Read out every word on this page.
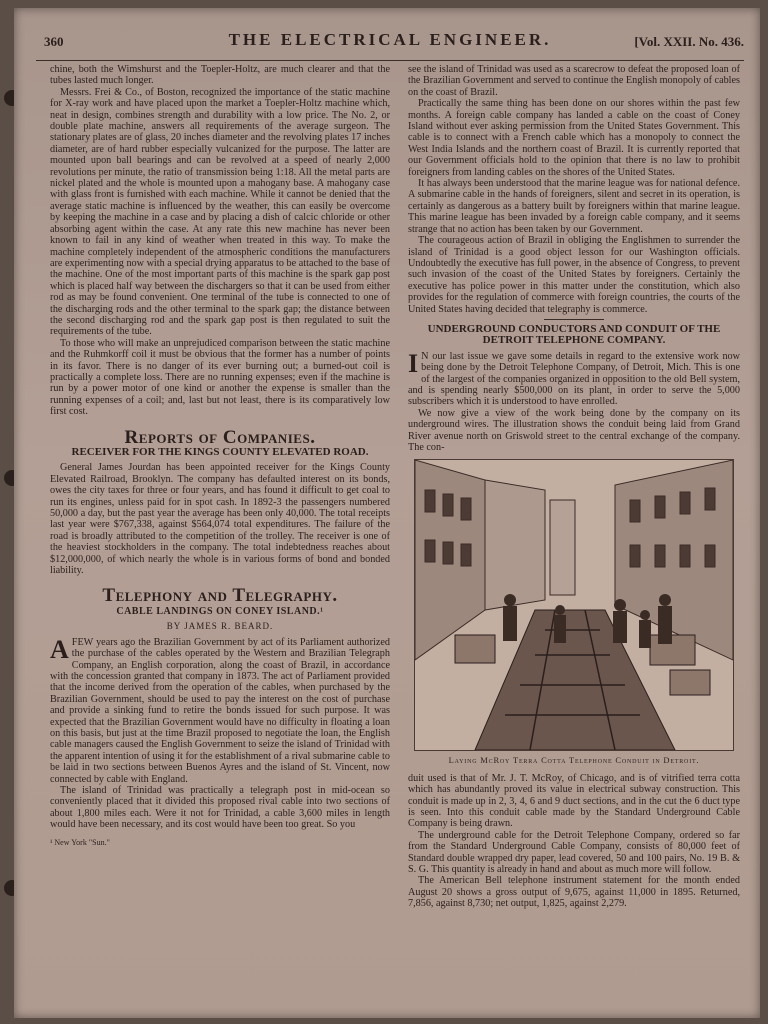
360	THE ELECTRICAL ENGINEER.	[Vol. XXII. No. 436.

chine, both the Wimshurst and the Toepler-Holtz, are much clearer and that the tubes lasted much longer.

Messrs. Frei & Co., of Boston, recognized the importance of the static machine for X-ray work and have placed upon the market a Toepler-Holtz machine which, neat in design, combines strength and durability with a low price. The No. 2, or double plate machine, answers all requirements of the average surgeon. The stationary plates are of glass, 20 inches diameter and the revolving plates 17 inches diameter, are of hard rubber especially vulcanized for the purpose. The latter are mounted upon ball bearings and can be revolved at a speed of nearly 2,000 revolutions per minute, the ratio of transmission being 1:18. All the metal parts are nickel plated and the whole is mounted upon a mahogany base. A mahogany case with glass front is furnished with each machine. While it cannot be denied that the average static machine is influenced by the weather, this can easily be overcome by keeping the machine in a case and by placing a dish of calcic chloride or other absorbing agent within the case. At any rate this new machine has never been known to fail in any kind of weather when treated in this way. To make the machine completely independent of the atmospheric conditions the manufacturers are experimenting now with a special drying apparatus to be attached to the base of the machine. One of the most important parts of this machine is the spark gap post which is placed half way between the dischargers so that it can be used from either rod as may be found convenient. One terminal of the tube is connected to one of the discharging rods and the other terminal to the spark gap; the distance between the second discharging rod and the spark gap post is then regulated to suit the requirements of the tube.

To those who will make an unprejudiced comparison between the static machine and the Ruhmkorff coil it must be obvious that the former has a number of points in its favor. There is no danger of its ever burning out; a burned-out coil is practically a complete loss. There are no running expenses; even if the machine is run by a power motor of one kind or another the expense is smaller than the running expenses of a coil; and, last but not least, there is its comparatively low first cost.

Reports of Companies.
RECEIVER FOR THE KINGS COUNTY ELEVATED ROAD.

General James Jourdan has been appointed receiver for the Kings County Elevated Railroad, Brooklyn. The company has defaulted interest on its bonds, owes the city taxes for three or four years, and has found it difficult to get coal to run its engines, unless paid for in spot cash. In 1892-3 the passengers numbered 50,000 a day, but the past year the average has been only 40,000. The total receipts last year were $767,338, against $564,074 total expenditures. The failure of the road is broadly attributed to the competition of the trolley. The receiver is one of the heaviest stockholders in the company. The total indebtedness reaches about $12,000,000, of which nearly the whole is in various forms of bond and bonded liability.

Telephony and Telegraphy.
CABLE LANDINGS ON CONEY ISLAND.¹
BY JAMES R. BEARD.

AFEW years ago the Brazilian Government by act of its Parliament authorized the purchase of the cables operated by the Western and Brazilian Telegraph Company, an English corporation, along the coast of Brazil, in accordance with the concession granted that company in 1873. The act of Parliament provided that the income derived from the operation of the cables, when purchased by the Brazilian Government, should be used to pay the interest on the cost of purchase and provide a sinking fund to retire the bonds issued for such purpose. It was expected that the Brazilian Government would have no difficulty in floating a loan on this basis, but just at the time Brazil proposed to negotiate the loan, the English cable managers caused the English Government to seize the island of Trinidad with the apparent intention of using it for the establishment of a rival submarine cable to be laid in two sections between Buenos Ayres and the island of St. Vincent, now connected by cable with England.

The island of Trinidad was practically a telegraph post in mid-ocean so conveniently placed that it divided this proposed rival cable into two sections of about 1,800 miles each. Were it not for Trinidad, a cable 3,600 miles in length would have been necessary, and its cost would have been too great. So you

¹ New York "Sun."

see the island of Trinidad was used as a scarecrow to defeat the proposed loan of the Brazilian Government and served to continue the English monopoly of cables on the coast of Brazil.

Practically the same thing has been done on our shores within the past few months. A foreign cable company has landed a cable on the coast of Coney Island without ever asking permission from the United States Government. This cable is to connect with a French cable which has a monopoly to connect the West India Islands and the northern coast of Brazil. It is currently reported that our Government officials hold to the opinion that there is no law to prohibit foreigners from landing cables on the shores of the United States.

It has always been understood that the marine league was for national defence. A submarine cable in the hands of foreigners, silent and secret in its operation, is certainly as dangerous as a battery built by foreigners within that marine league. This marine league has been invaded by a foreign cable company, and it seems strange that no action has been taken by our Government.

The courageous action of Brazil in obliging the Englishmen to surrender the island of Trinidad is a good object lesson for our Washington officials. Undoubtedly the executive has full power, in the absence of Congress, to prevent such invasion of the coast of the United States by foreigners. Certainly the executive has police power in this matter under the constitution, which also provides for the regulation of commerce with foreign countries, the courts of the United States having decided that telegraphy is commerce.

UNDERGROUND CONDUCTORS AND CONDUIT OF THE DETROIT TELEPHONE COMPANY.

I N our last issue we gave some details in regard to the extensive work now being done by the Detroit Telephone Company, of Detroit, Mich. This is one of the largest of the companies organized in opposition to the old Bell system, and is spending nearly $500,000 on its plant, in order to serve the 5,000 subscribers which it is understood to have enrolled.

We now give a view of the work being done by the company on its underground wires. The illustration shows the conduit being laid from Grand River avenue north on Griswold street to the central exchange of the company. The con-

Laying McRoy Terra Cotta Telephone Conduit in Detroit.

duit used is that of Mr. J. T. McRoy, of Chicago, and is of vitrified terra cotta which has abundantly proved its value in electrical subway construction. This conduit is made up in 2, 3, 4, 6 and 9 duct sections, and in the cut the 6 duct type is seen. Into this conduit cable made by the Standard Underground Cable Company is being drawn.

The underground cable for the Detroit Telephone Company, ordered so far from the Standard Underground Cable Company, consists of 80,000 feet of Standard double wrapped dry paper, lead covered, 50 and 100 pairs, No. 19 B. & S. G. This quantity is already in hand and about as much more will follow.

The American Bell telephone instrument statement for the month ended August 20 shows a gross output of 9,675, against 11,000 in 1895. Returned, 7,856, against 8,730; net output, 1,825, against 2,279.
